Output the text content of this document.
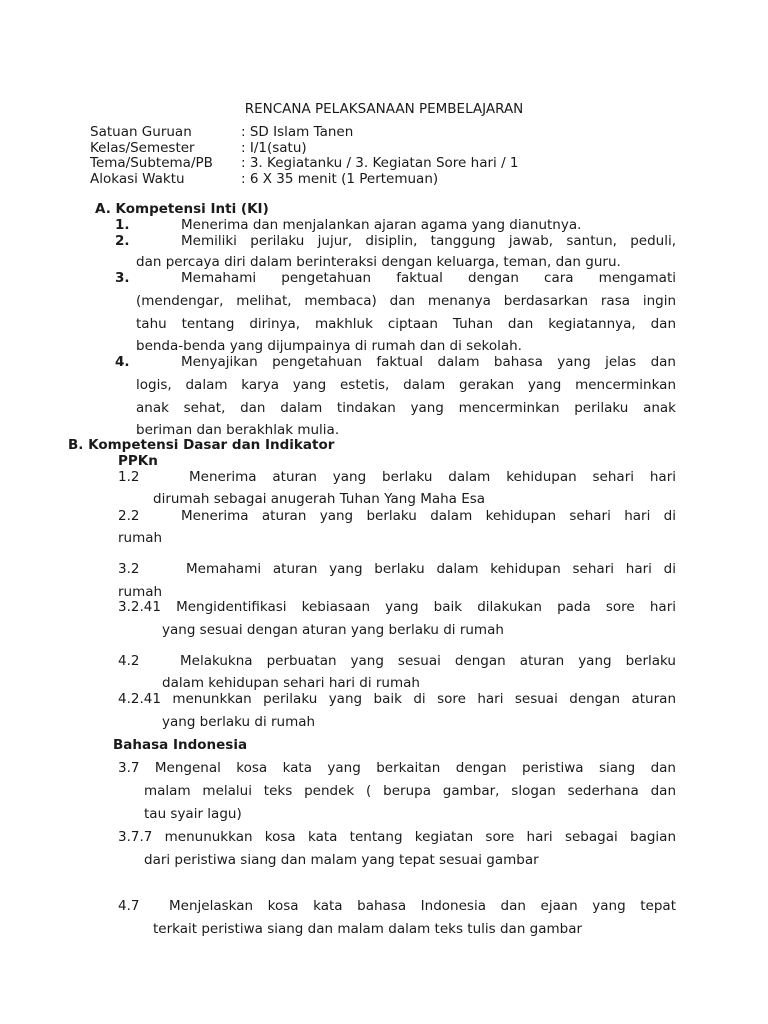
RENCANA PELAKSANAAN PEMBELAJARAN
Satuan Guruan	: SD Islam Tanen
Kelas/Semester	: I/1(satu)
Tema/Subtema/PB : 3. Kegiatanku / 3. Kegiatan Sore hari / 1
Alokasi Waktu	: 6 X 35 menit (1 Pertemuan)
A. Kompetensi Inti (KI)
1.	Menerima dan menjalankan ajaran agama yang dianutnya.
2.	Memiliki perilaku jujur, disiplin, tanggung jawab, santun, peduli,
dan percaya diri dalam berinteraksi dengan keluarga, teman, dan guru.
3.	Memahami pengetahuan faktual dengan cara mengamati
(mendengar, melihat, membaca) dan menanya berdasarkan rasa ingin
tahu tentang dirinya, makhluk ciptaan Tuhan dan kegiatannya, dan
benda-benda yang dijumpainya di rumah dan di sekolah.
4.	Menyajikan pengetahuan faktual dalam bahasa yang jelas dan
logis, dalam karya yang estetis, dalam gerakan yang mencerminkan
anak sehat, dan dalam tindakan yang mencerminkan perilaku anak
beriman dan berakhlak mulia.
B. Kompetensi Dasar dan Indikator
PPKn
1.2	Menerima aturan yang berlaku dalam kehidupan sehari hari
dirumah sebagai anugerah Tuhan Yang Maha Esa
2.2	Menerima aturan yang berlaku dalam kehidupan sehari hari di
rumah
3.2	Memahami aturan yang berlaku dalam kehidupan sehari hari di
rumah
3.2.41 Mengidentifikasi kebiasaan yang baik dilakukan pada sore hari
yang sesuai dengan aturan yang berlaku di rumah
4.2	Melakukna perbuatan yang sesuai dengan aturan yang berlaku
dalam kehidupan sehari hari di rumah
4.2.41 menunkkan perilaku yang baik di sore hari sesuai dengan aturan
yang berlaku di rumah
Bahasa Indonesia
3.7 Mengenal kosa kata yang berkaitan dengan peristiwa siang dan
malam melalui teks pendek ( berupa gambar, slogan sederhana dan
tau syair lagu)
3.7.7 menunukkan kosa kata tentang kegiatan sore hari sebagai bagian
dari peristiwa siang dan malam yang tepat sesuai gambar
4.7 Menjelaskan kosa kata bahasa Indonesia dan ejaan yang tepat
terkait peristiwa siang dan malam dalam teks tulis dan gambar
